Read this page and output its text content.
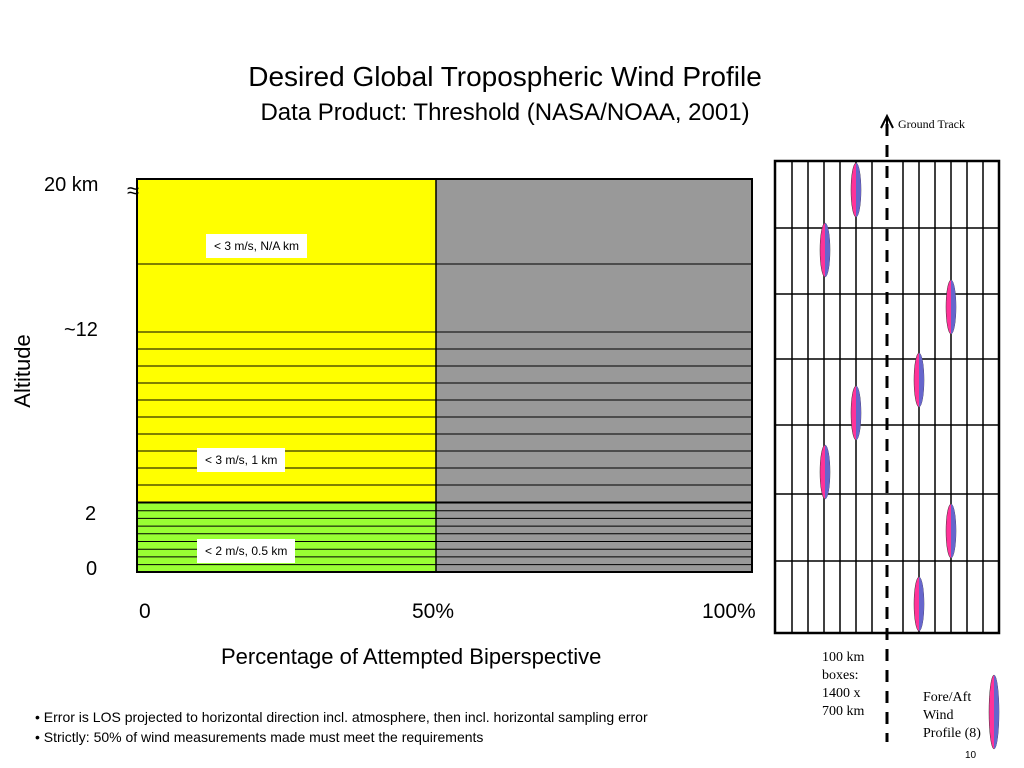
Desired Global Tropospheric Wind Profile
Data Product: Threshold (NASA/NOAA, 2001)
20 km ≈
~12
2
0
Altitude
0	50%	100%
Percentage of Attempted Biperspective
< 3 m/s, N/A km
< 3 m/s, 1 km
< 2 m/s, 0.5 km
• Error is LOS projected to horizontal direction incl. atmosphere, then incl. horizontal sampling error
• Strictly: 50% of wind measurements made must meet the requirements
Ground Track
100 km
boxes:
1400 x
700 km
Fore/Aft
Wind
Profile (8)
10
